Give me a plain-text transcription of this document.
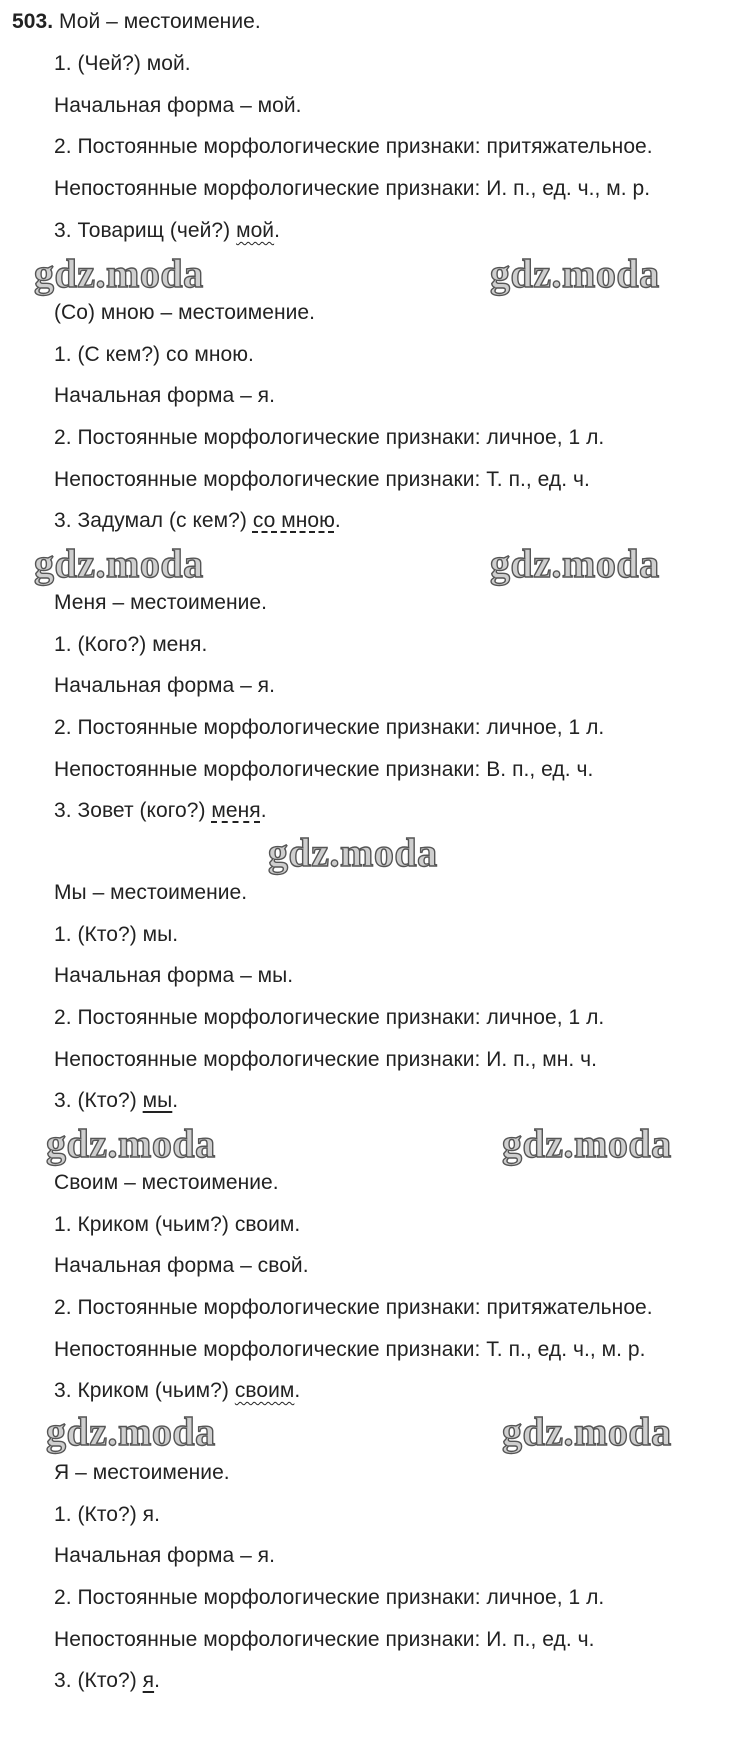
503. Мой – местоимение.
1. (Чей?) мой.
Начальная форма – мой.
2. Постоянные морфологические признаки: притяжательное.
Непостоянные морфологические признаки: И. п., ед. ч., м. р.
3. Товарищ (чей?) мой.
gdz.moda	gdz.moda
(Со) мною – местоимение.
1. (С кем?) со мною.
Начальная форма – я.
2. Постоянные морфологические признаки: личное, 1 л.
Непостоянные морфологические признаки: Т. п., ед. ч.
3. Задумал (с кем?) со мною.
gdz.moda	gdz.moda
Меня – местоимение.
1. (Кого?) меня.
Начальная форма – я.
2. Постоянные морфологические признаки: личное, 1 л.
Непостоянные морфологические признаки: В. п., ед. ч.
3. Зовет (кого?) меня.
gdz.moda
Мы – местоимение.
1. (Кто?) мы.
Начальная форма – мы.
2. Постоянные морфологические признаки: личное, 1 л.
Непостоянные морфологические признаки: И. п., мн. ч.
3. (Кто?) мы.
gdz.moda	gdz.moda
Своим – местоимение.
1. Криком (чьим?) своим.
Начальная форма – свой.
2. Постоянные морфологические признаки: притяжательное.
Непостоянные морфологические признаки: Т. п., ед. ч., м. р.
3. Криком (чьим?) своим.
gdz.moda	gdz.moda
Я – местоимение.
1. (Кто?) я.
Начальная форма – я.
2. Постоянные морфологические признаки: личное, 1 л.
Непостоянные морфологические признаки: И. п., ед. ч.
3. (Кто?) я.
